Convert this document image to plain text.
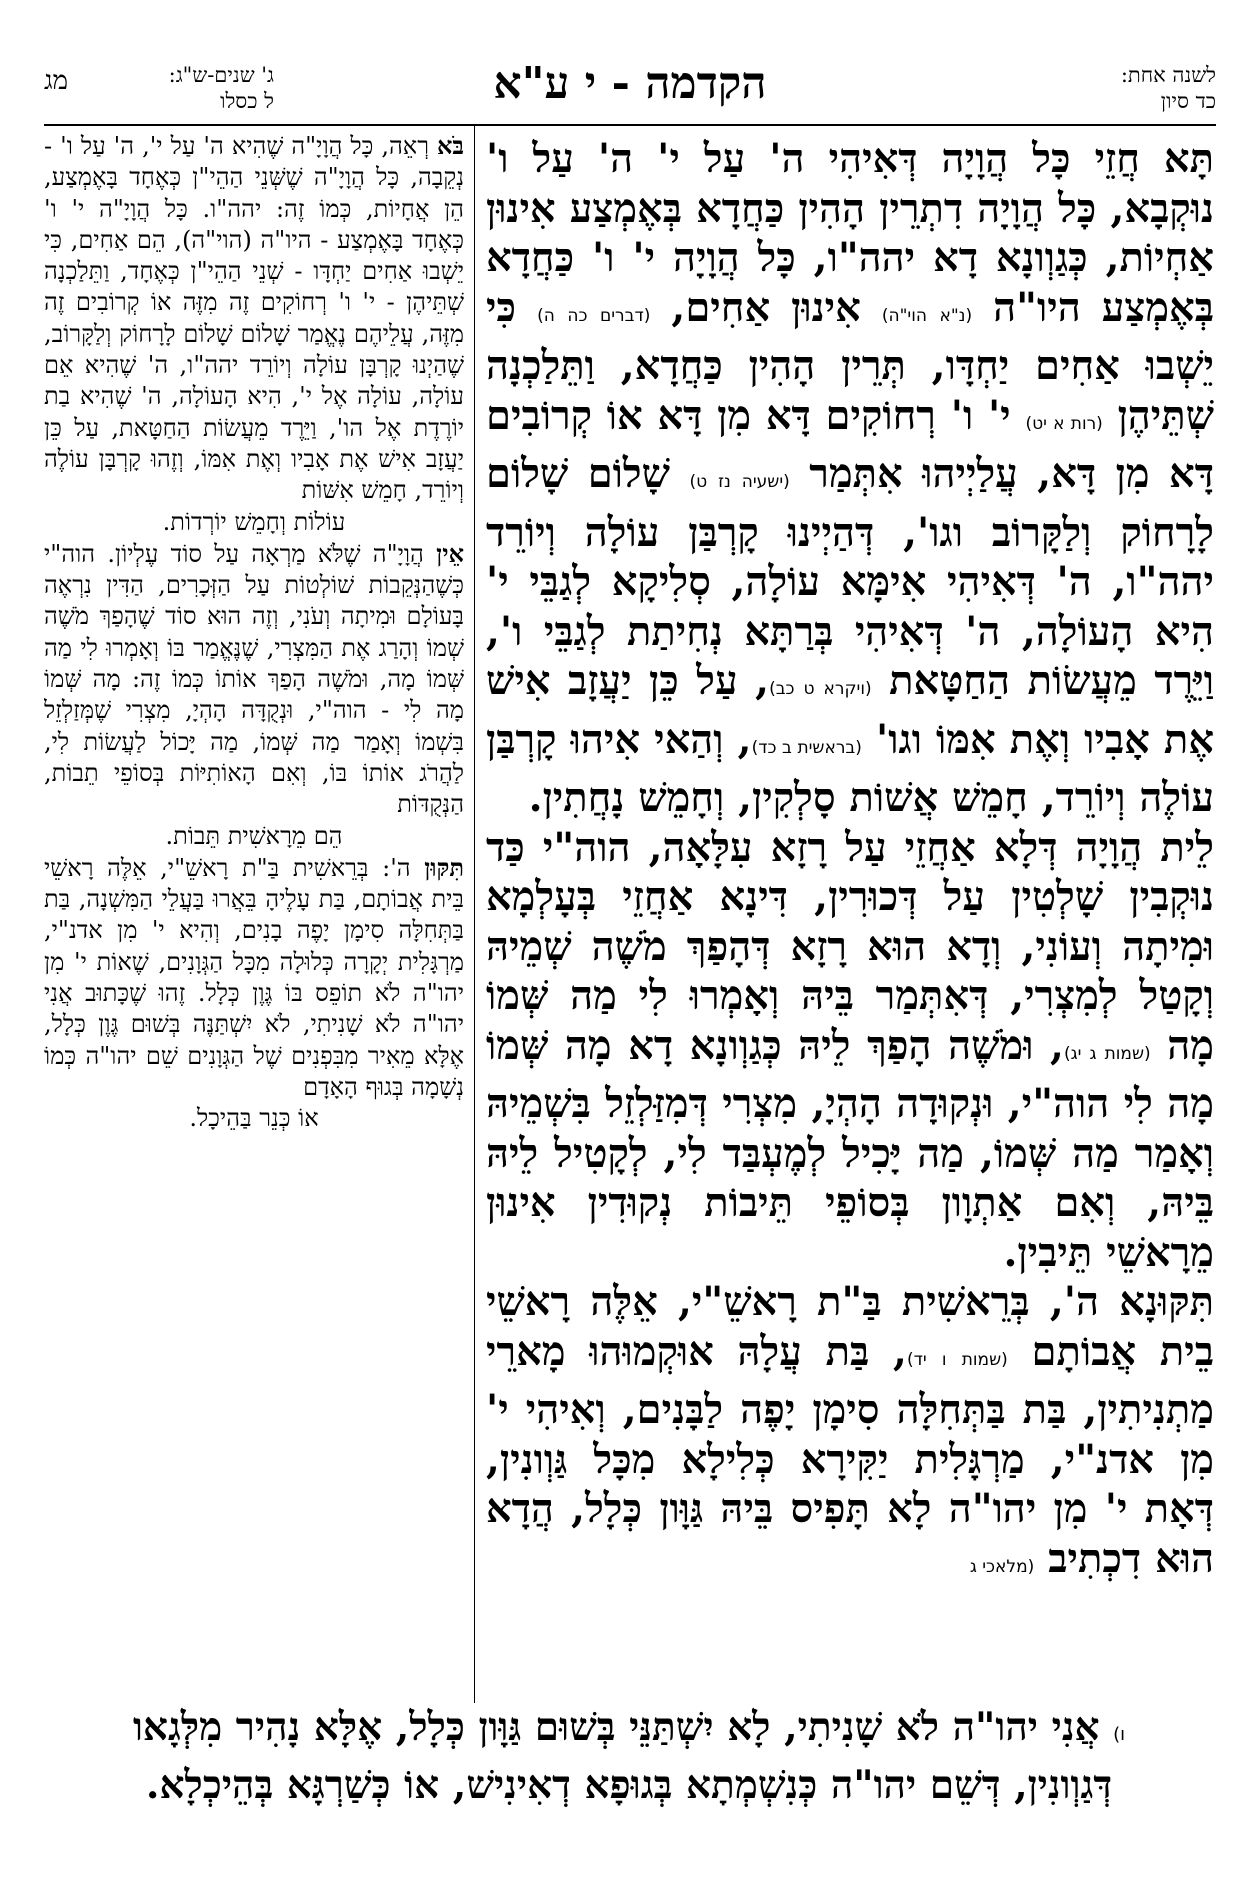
לשנה אחת:
כד סיון
הקדמה - י ע"א
ג' שנים-ש"ג:
ל כסלו
מג

תָּא חֲזֵי כָּל הֲוָיָה דְּאִיהִי ה' עַל י' ה' עַל ו' נוּקְבָא, כָּל הֲוָיָה דִתְרֵין הָהִין כַּחֲדָא בְּאֶמְצַע אִינוּן אַחְיוֹת, כְּגַוְונָא דָא יהה"ו, כָּל הֲוָיָה י' ו' כַּחֲדָא בְּאֶמְצַע היו"ה (נ"א הוי"ה) אִינוּן אַחִים, (דברים כה ה) כִּי יֵשְׁבוּ אַחִים יַחְדָּו, תְּרֵין הָהִין כַּחֲדָא, וַתֵּלַכְנָה שְׁתֵּיהֶן (רות א יט) י' ו' רְחוֹקִים דָּא מִן דָּא אוֹ קְרוֹבִים דָּא מִן דָּא, עֲלַיְיהוּ אִתְּמַר (ישעיה נז ט) שָׁלוֹם שָׁלוֹם לָרָחוֹק וְלַקָּרוֹב וגו', דְּהַיְינוּ קָרְבַּן עוֹלָה וְיוֹרֵד יהה"ו, ה' דְּאִיהִי אִימָּא עוֹלָה, סְלִיקָא לְגַבֵּי י' הִיא הָעוֹלָה, ה' דְּאִיהִי בְּרַתָּא נְחִיתַת לְגַבֵּי ו', וַיֵּרֶד מֵעֲשׂוֹת הַחַטָּאת (ויקרא ט כב), עַל כֵּן יַעֲזָב אִישׁ אֶת אָבִיו וְאֶת אִמּוֹ וגו' (בראשית ב כד), וְהַאי אִיהוּ קָרְבַּן עוֹלֶה וְיוֹרֵד, חָמֵשׁ אֲשׁוֹת סָלְקִין, וְחָמֵשׁ נָחֲתִין.

לֵית הֲוָיָה דְּלָא אַחֲזֵי עַל רָזָא עִלָּאָה, הוה"י כַּד נוּקְבִין שָׁלְטִין עַל דְּכוּרִין, דִּינָא אַחֲזֵי בְּעָלְמָא וּמִיתָה וְעוֹנִי, וְדָא הוּא רָזָא דְּהָפַךְ מֹשֶׁה שְׁמֵיהּ וְקָטַל לְמִצְרִי, דְּאִתְּמַר בֵּיהּ וְאָמְרוּ לִי מַה שְּׁמוֹ מָה (שמות ג יג), וּמֹשֶׁה הָפַךְ לֵיהּ כְּגַוְונָא דָא מָה שְּׁמוֹ מָה לִי הוה"י, וּנְקוּדָה הָהְיָ, מִצְרִי דְּמִזַּלְזֵל בִּשְׁמֵיהּ וְאָמַר מַה שְּׁמוֹ, מַה יָּכִיל לְמֶעְבַּד לִי, לְקָטִיל לֵיהּ בֵּיהּ, וְאִם אַתְוָון בְּסוֹפֵי תֵּיבוֹת נְקוּדִין אִינוּן מֵרָאשֵׁי תֵּיבִין.

תִּקּוּנָא ה', בְּרֵאשִׁית בַּ"ת רָאשֵׁ"י, אֵלֶּה רָאשֵׁי בֵית אֲבוֹתָם (שמות ו יד), בַּת עֲלָהּ אוּקְמוּהוּ מָארֵי מַתְנִיתִין, בַּת בַּתְּחִלָּה סִימָן יָפֶה לַבָּנִים, וְאִיהִי י' מִן אדנ"י, מַרְגָּלִית יַקִּירָא כְּלִילָא מִכָּל גַּוְונִין, דְּאָת י' מִן יהו"ה לָא תָּפִיס בֵּיהּ גַּוָּון כְּלָל, הֲדָא הוּא דִכְתִיב (מלאכי ג

בֹּא רְאֵה, כָּל הֲוָיָ"ה שֶׁהִיא ה' עַל י', ה' עַל ו' - נְקֵבָה, כָּל הֲוָיָ"ה שֶׁשְּׁנֵי הַהֵי"ן כְּאֶחָד בָּאֶמְצַע, הֵן אֲחָיוֹת, כְּמוֹ זֶה: יהה"ו. כָּל הֲוָיָ"ה י' ו' כְּאֶחָד בָּאֶמְצַע - היו"ה (הוי"ה), הֵם אַחִים, כִּי יֵשְׁבוּ אַחִים יַחְדָּו - שְׁנֵי הַהֵי"ן כְּאֶחָד, וַתֵּלַכְנָה שְׁתֵּיהֶן - י' ו' רְחוֹקִים זֶה מִזֶּה אוֹ קְרוֹבִים זֶה מִזֶּה, עֲלֵיהֶם נֶאֱמַר שָׁלוֹם שָׁלוֹם לָרָחוֹק וְלַקָּרוֹב, שֶׁהַיְנוּ קָרְבָּן עוֹלָה וְיוֹרֵד יהה"ו, ה' שֶׁהִיא אֵם עוֹלָה, עוֹלָה אֶל י', הִיא הָעוֹלָה, ה' שֶׁהִיא בַת יוֹרֶדֶת אֶל הו', וַיֵּרֶד מֵעֲשׂוֹת הַחַטָּאת, עַל כֵּן יַעֲזָב אִישׁ אֶת אָבִיו וְאֶת אִמּוֹ, וְזֶהוּ קָרְבָּן עוֹלֶה וְיוֹרֵד, חָמֵשׁ אִשּׁוֹת

עוֹלוֹת וְחָמֵשׁ יוֹרְדוֹת.

אֵין הֲוָיָ"ה שֶׁלֹּא מַרְאָה עַל סוֹד עֶלְיוֹן. הוה"י כְּשֶׁהַנְּקֵבוֹת שׁוֹלְטוֹת עַל הַזְּכָרִים, הַדִּין נִרְאֶה בָּעוֹלָם וּמִיתָה וְעֹנִי, וְזֶה הוּא סוֹד שֶׁהָפַךְ מֹשֶׁה שְׁמוֹ וְהָרַג אֶת הַמִּצְרִי, שֶׁנֶּאֱמַר בּוֹ וְאָמְרוּ לִי מַה שְּׁמוֹ מָה, וּמֹשֶׁה הָפַךְ אוֹתוֹ כְּמוֹ זֶה: מָה שְּׁמוֹ מָה לִי - הוה"י, וּנְקֻדָּה הָהְיָ, מִצְרִי שֶׁמְּזַלְזֵל בִּשְׁמוֹ וְאָמַר מַה שְּׁמוֹ, מַה יָּכוֹל לַעֲשׂוֹת לִי, לַהֲרֹג אוֹתוֹ בּוֹ, וְאִם הָאוֹתִיּוֹת בְּסוֹפֵי תֵבוֹת, הַנְּקֻדּוֹת

הֵם מֵרָאשִׁית תֵּבוֹת.

תִּקּוּן ה': בְּרֵאשִׁית בַּ"ת רָאשֵׁ"י, אֵלֶּה רָאשֵׁי בֵּית אֲבוֹתָם, בַּת עָלֶיהָ בֵּאֲרוּ בַּעֲלֵי הַמִּשְׁנָה, בַּת בַּתְּחִלָּה סִימָן יָפֶה בָנִים, וְהִיא י' מִן אדנ"י, מַרְגָּלִית יְקָרָה כְּלוּלָה מִכָּל הַגְּוָנִים, שֶׁאוֹת י' מִן יהו"ה לֹא תוֹפֵס בּוֹ גֶּוֶן כְּלָל. זֶהוּ שֶׁכָּתוּב אֲנִי יהו"ה לֹא שָׁנִיתִי, לֹא יִשְׁתַּנֶּה בְּשׁוּם גֶּוֶן כְּלָל, אֶלָּא מֵאִיר מִבִּפְנִים שֶׁל הַגְּוָנִים שֵׁם יהו"ה כְּמוֹ נְשָׁמָה בְּגוּף הָאָדָם

אוֹ כְּנֵר בַּהֵיכָל.

ו) אֲנִי יהו"ה לֹא שָׁנִיתִי, לָא יִשְׁתַּנֵּי בְּשׁוּם גַּוָּון כְּלָל, אֶלָּא נָהִיר מִלְּגָאו

דְּגַוְונִין, דְּשֵׁם יהו"ה כְּנִשְׁמְתָא בְּגוּפָא דְאִינִישׁ, אוֹ כְּשַׁרְגָּא בְּהֵיכְלָא.
